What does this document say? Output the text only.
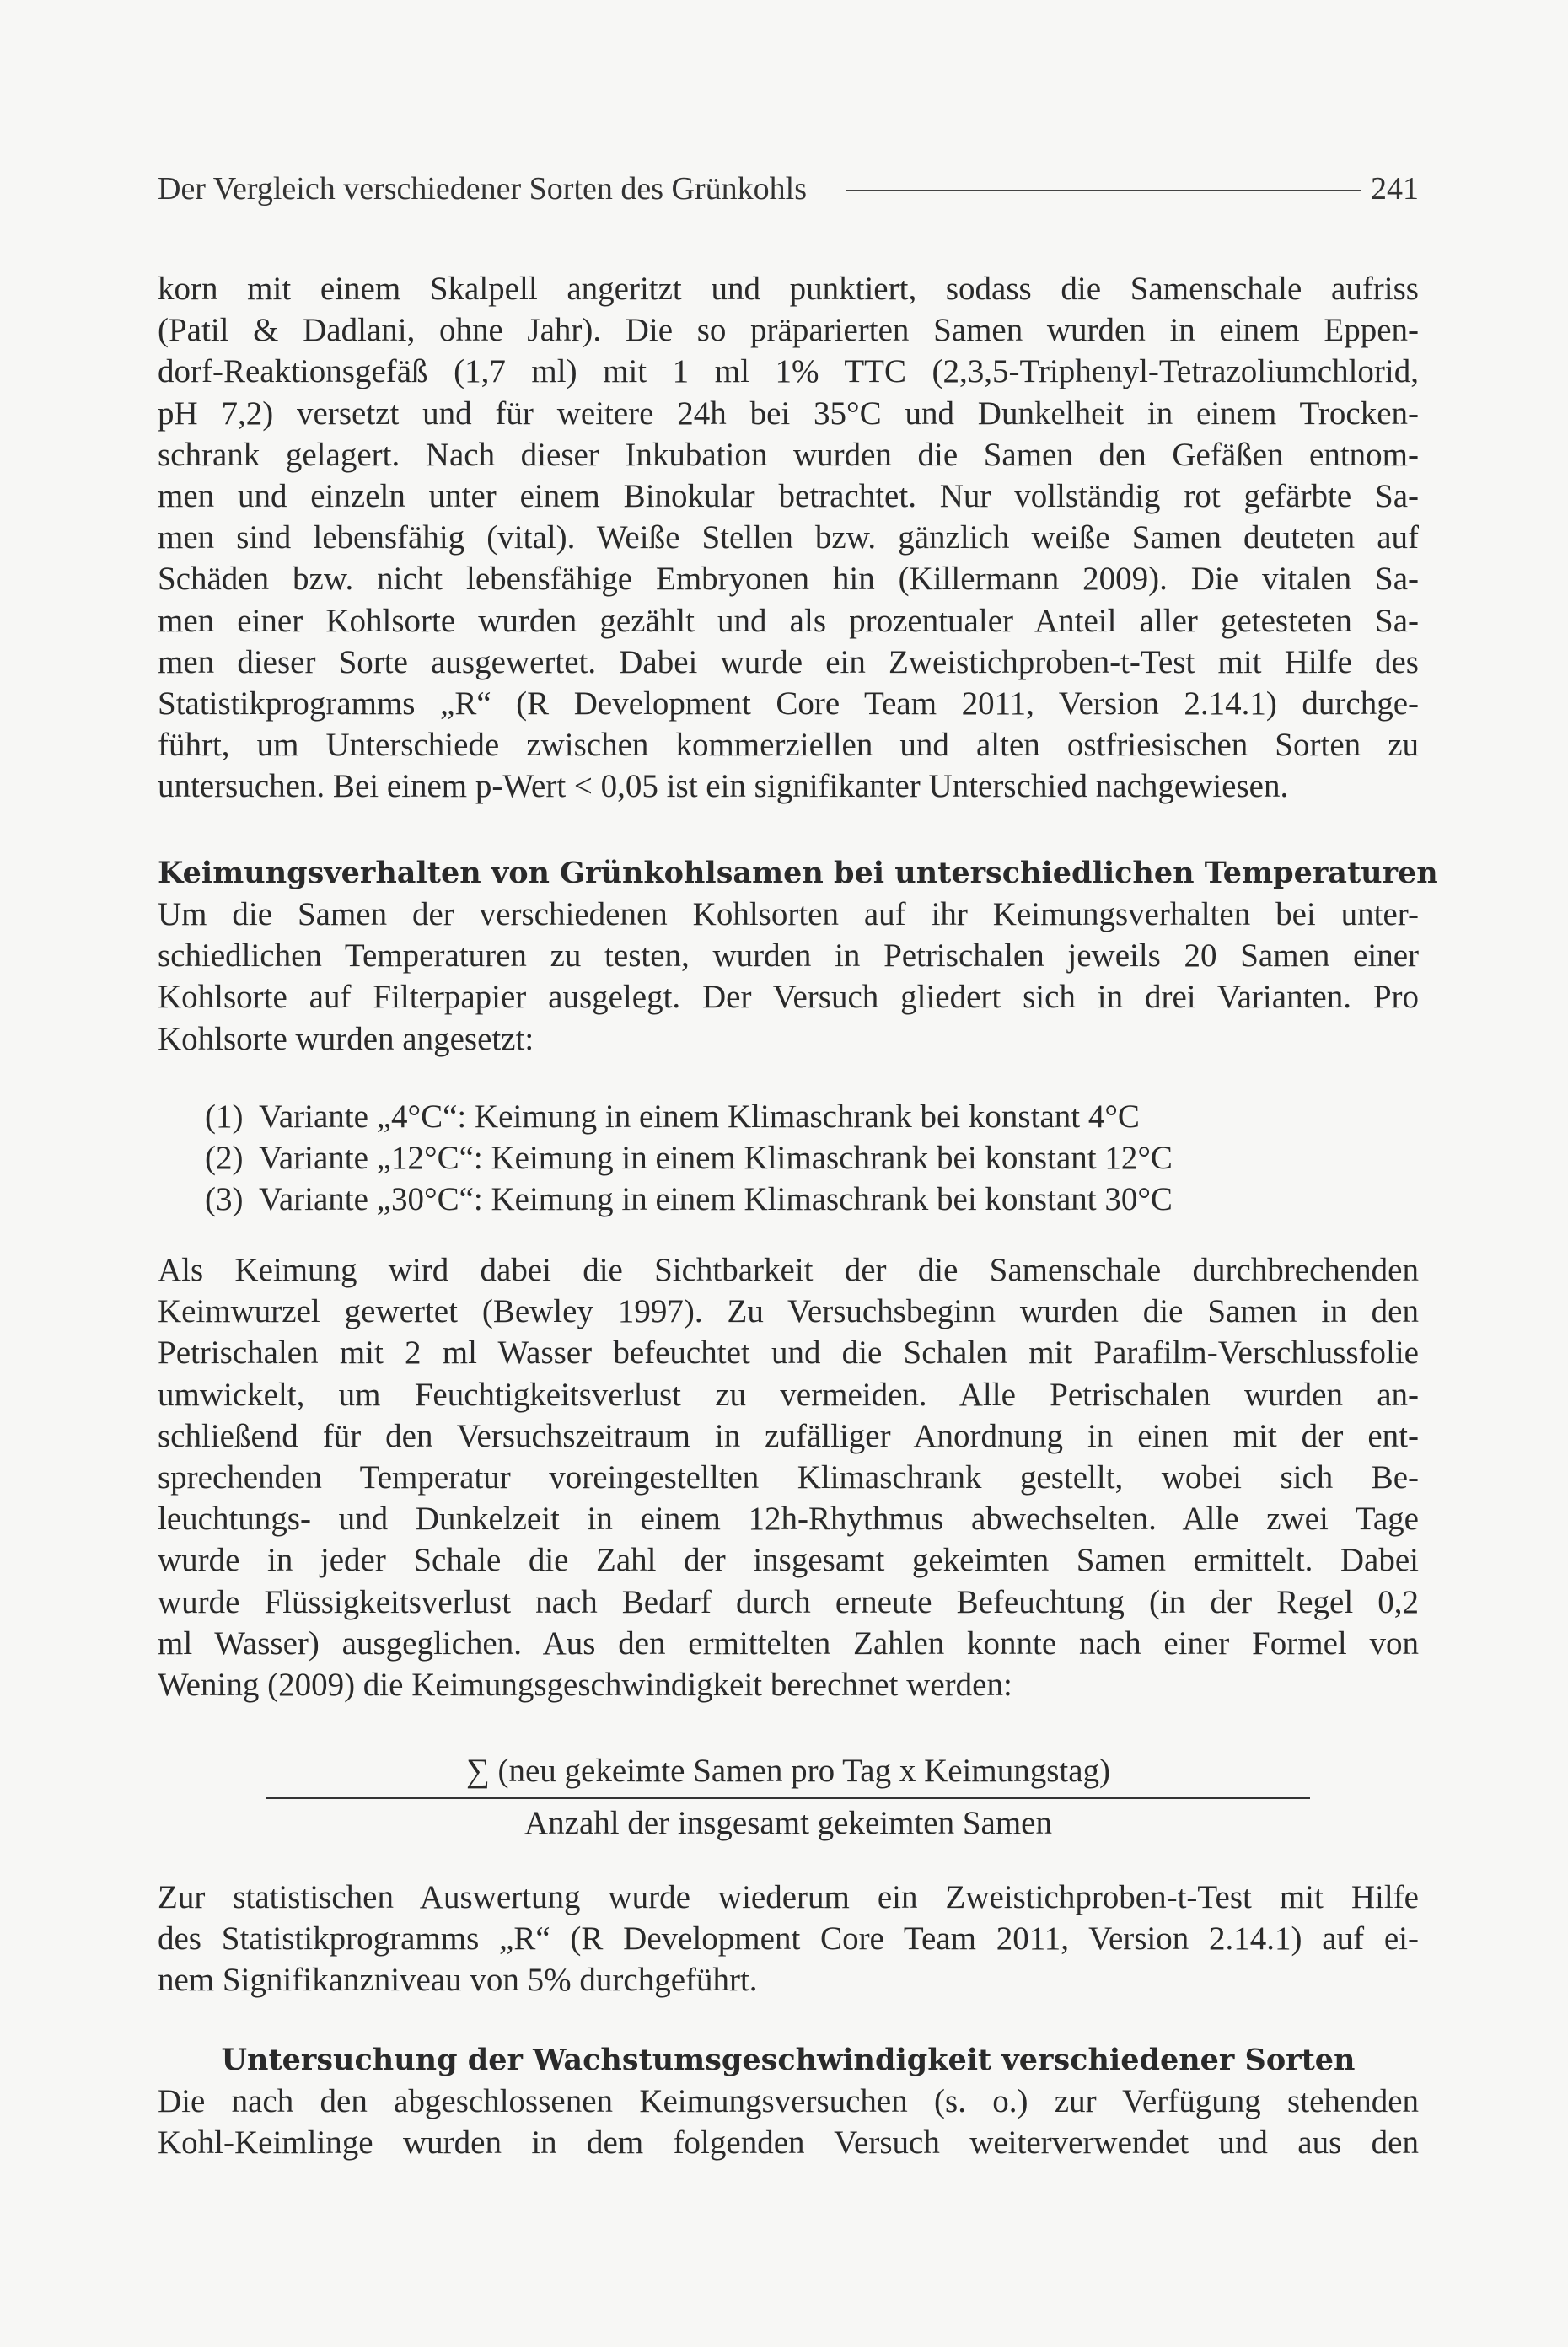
Der Vergleich verschiedener Sorten des Grünkohls	241

korn mit einem Skalpell angeritzt und punktiert, sodass die Samenschale aufriss
(Patil & Dadlani, ohne Jahr). Die so präparierten Samen wurden in einem Eppen-
dorf-Reaktionsgefäß (1,7 ml) mit 1 ml 1% TTC (2,3,5-Triphenyl-Tetrazoliumchlorid,
pH 7,2) versetzt und für weitere 24h bei 35°C und Dunkelheit in einem Trocken-
schrank gelagert. Nach dieser Inkubation wurden die Samen den Gefäßen entnom-
men und einzeln unter einem Binokular betrachtet. Nur vollständig rot gefärbte Sa-
men sind lebensfähig (vital). Weiße Stellen bzw. gänzlich weiße Samen deuteten auf
Schäden bzw. nicht lebensfähige Embryonen hin (Killermann 2009). Die vitalen Sa-
men einer Kohlsorte wurden gezählt und als prozentualer Anteil aller getesteten Sa-
men dieser Sorte ausgewertet. Dabei wurde ein Zweistichproben-t-Test mit Hilfe des
Statistikprogramms „R“ (R Development Core Team 2011, Version 2.14.1) durchge-
führt, um Unterschiede zwischen kommerziellen und alten ostfriesischen Sorten zu
untersuchen. Bei einem p-Wert < 0,05 ist ein signifikanter Unterschied nachgewiesen.

Keimungsverhalten von Grünkohlsamen bei unterschiedlichen Temperaturen

Um die Samen der verschiedenen Kohlsorten auf ihr Keimungsverhalten bei unter-
schiedlichen Temperaturen zu testen, wurden in Petrischalen jeweils 20 Samen einer
Kohlsorte auf Filterpapier ausgelegt. Der Versuch gliedert sich in drei Varianten. Pro
Kohlsorte wurden angesetzt:

(1) Variante „4°C“: Keimung in einem Klimaschrank bei konstant 4°C
(2) Variante „12°C“: Keimung in einem Klimaschrank bei konstant 12°C
(3) Variante „30°C“: Keimung in einem Klimaschrank bei konstant 30°C

Als Keimung wird dabei die Sichtbarkeit der die Samenschale durchbrechenden
Keimwurzel gewertet (Bewley 1997). Zu Versuchsbeginn wurden die Samen in den
Petrischalen mit 2 ml Wasser befeuchtet und die Schalen mit Parafilm-Verschlussfolie
umwickelt, um Feuchtigkeitsverlust zu vermeiden. Alle Petrischalen wurden an-
schließend für den Versuchszeitraum in zufälliger Anordnung in einen mit der ent-
sprechenden Temperatur voreingestellten Klimaschrank gestellt, wobei sich Be-
leuchtungs- und Dunkelzeit in einem 12h-Rhythmus abwechselten. Alle zwei Tage
wurde in jeder Schale die Zahl der insgesamt gekeimten Samen ermittelt. Dabei
wurde Flüssigkeitsverlust nach Bedarf durch erneute Befeuchtung (in der Regel 0,2
ml Wasser) ausgeglichen. Aus den ermittelten Zahlen konnte nach einer Formel von
Wening (2009) die Keimungsgeschwindigkeit berechnet werden:

∑ (neu gekeimte Samen pro Tag x Keimungstag)
Anzahl der insgesamt gekeimten Samen

Zur statistischen Auswertung wurde wiederum ein Zweistichproben-t-Test mit Hilfe
des Statistikprogramms „R“ (R Development Core Team 2011, Version 2.14.1) auf ei-
nem Signifikanzniveau von 5% durchgeführt.

Untersuchung der Wachstumsgeschwindigkeit verschiedener Sorten

Die nach den abgeschlossenen Keimungsversuchen (s. o.) zur Verfügung stehenden
Kohl-Keimlinge wurden in dem folgenden Versuch weiterverwendet und aus den
